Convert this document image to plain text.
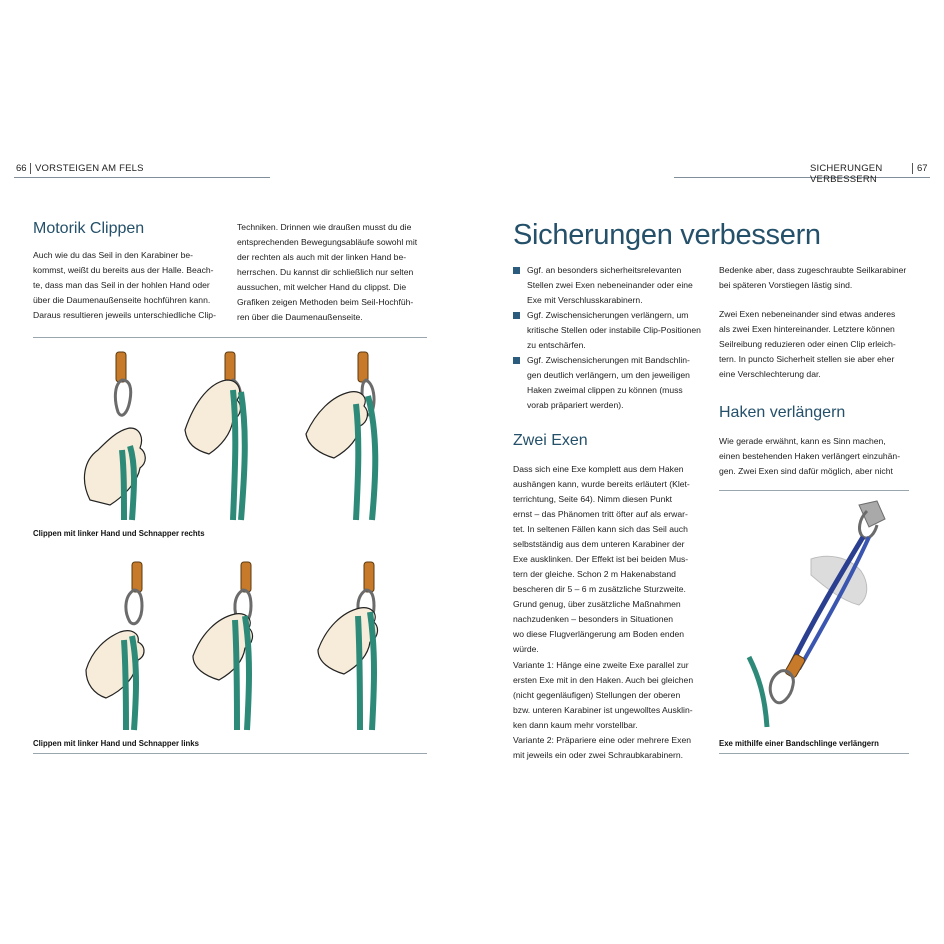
66 VORSTEIGEN AM FELS
Motorik Clippen

Auch wie du das Seil in den Karabiner be-

kommst, weißt du bereits aus der Halle. Beach-

te, dass man das Seil in der hohlen Hand oder

über die Daumenaußenseite hochführen kann.

Daraus resultieren jeweils unterschiedliche Clip-

Techniken. Drinnen wie draußen musst du die

entsprechenden Bewegungsabläufe sowohl mit

der rechten als auch mit der linken Hand be-

herrschen. Du kannst dir schließlich nur selten

aussuchen, mit welcher Hand du clippst. Die

Grafiken zeigen Methoden beim Seil-Hochfüh-

ren über die Daumenaußenseite.

Clippen mit linker Hand und Schnapper rechts
Clippen mit linker Hand und Schnapper links
SICHERUNGEN VERBESSERN
67
Sicherungen verbessern
Ggf. an besonders sicherheitsrelevanten
Stellen zwei Exen nebeneinander oder eine
Exe mit Verschlusskarabinern.
Ggf. Zwischensicherungen verlängern, um
kritische Stellen oder instabile Clip-Positionen
zu entschärfen.
Ggf. Zwischensicherungen mit Bandschlin-
gen deutlich verlängern, um den jeweiligen
Haken zweimal clippen zu können (muss
vorab präpariert werden).
Zwei Exen

Dass sich eine Exe komplett aus dem Haken

aushängen kann, wurde bereits erläutert (Klet-

terrichtung, Seite 64). Nimm diesen Punkt

ernst – das Phänomen tritt öfter auf als erwar-

tet. In seltenen Fällen kann sich das Seil auch

selbstständig aus dem unteren Karabiner der

Exe ausklinken. Der Effekt ist bei beiden Mus-

tern der gleiche. Schon 2 m Hakenabstand

bescheren dir 5 – 6 m zusätzliche Sturzweite.

Grund genug, über zusätzliche Maßnahmen

nachzudenken – besonders in Situationen

wo diese Flugverlängerung am Boden enden

würde.

Variante 1: Hänge eine zweite Exe parallel zur

ersten Exe mit in den Haken. Auch bei gleichen

(nicht gegenläufigen) Stellungen der oberen

bzw. unteren Karabiner ist ungewolltes Ausklin-

ken dann kaum mehr vorstellbar.

Variante 2: Präpariere eine oder mehrere Exen

mit jeweils ein oder zwei Schraubkarabinern.

Bedenke aber, dass zugeschraubte Seilkarabiner

bei späteren Vorstiegen lästig sind.

Zwei Exen nebeneinander sind etwas anderes

als zwei Exen hintereinander. Letztere können

Seilreibung reduzieren oder einen Clip erleich-

tern. In puncto Sicherheit stellen sie aber eher

eine Verschlechterung dar.

Haken verlängern

Wie gerade erwähnt, kann es Sinn machen,

einen bestehenden Haken verlängert einzuhän-

gen. Zwei Exen sind dafür möglich, aber nicht

Exe mithilfe einer Bandschlinge verlängern
